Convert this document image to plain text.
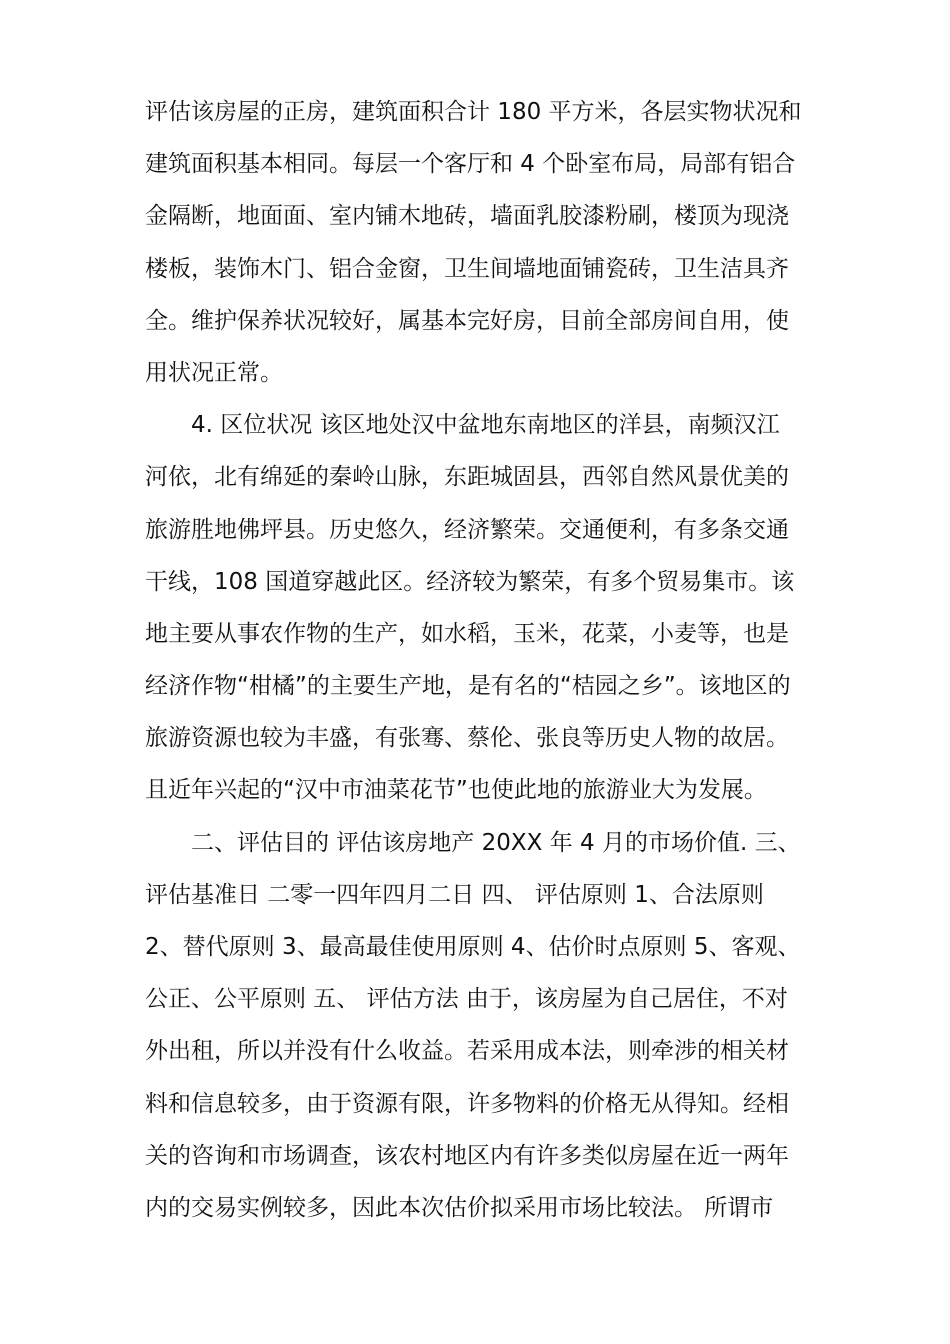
评估该房屋的正房，建筑面积合计 180 平方米，各层实物状况和
建筑面积基本相同。每层一个客厅和 4 个卧室布局，局部有铝合
金隔断，地面面、室内铺木地砖，墙面乳胶漆粉刷，楼顶为现浇
楼板，装饰木门、铝合金窗，卫生间墙地面铺瓷砖，卫生洁具齐
全。维护保养状况较好，属基本完好房，目前全部房间自用，使
用状况正常。
　　4. 区位状况 该区地处汉中盆地东南地区的洋县，南频汉江
河依，北有绵延的秦岭山脉，东距城固县，西邻自然风景优美的
旅游胜地佛坪县。历史悠久，经济繁荣。交通便利，有多条交通
干线，108 国道穿越此区。经济较为繁荣，有多个贸易集市。该
地主要从事农作物的生产，如水稻，玉米，花菜，小麦等，也是
经济作物“柑橘”的主要生产地，是有名的“桔园之乡”。该地区的
旅游资源也较为丰盛，有张骞、蔡伦、张良等历史人物的故居。
且近年兴起的“汉中市油菜花节”也使此地的旅游业大为发展。
　　二、评估目的 评估该房地产 20XX 年 4 月的市场价值. 三、
评估基准日 二零一四年四月二日 四、 评估原则 1、合法原则
2、替代原则 3、最高最佳使用原则 4、估价时点原则 5、客观、
公正、公平原则 五、 评估方法 由于，该房屋为自己居住，不对
外出租，所以并没有什么收益。若采用成本法，则牵涉的相关材
料和信息较多，由于资源有限，许多物料的价格无从得知。经相
关的咨询和市场调查，该农村地区内有许多类似房屋在近一两年
内的交易实例较多，因此本次估价拟采用市场比较法。 所谓市
